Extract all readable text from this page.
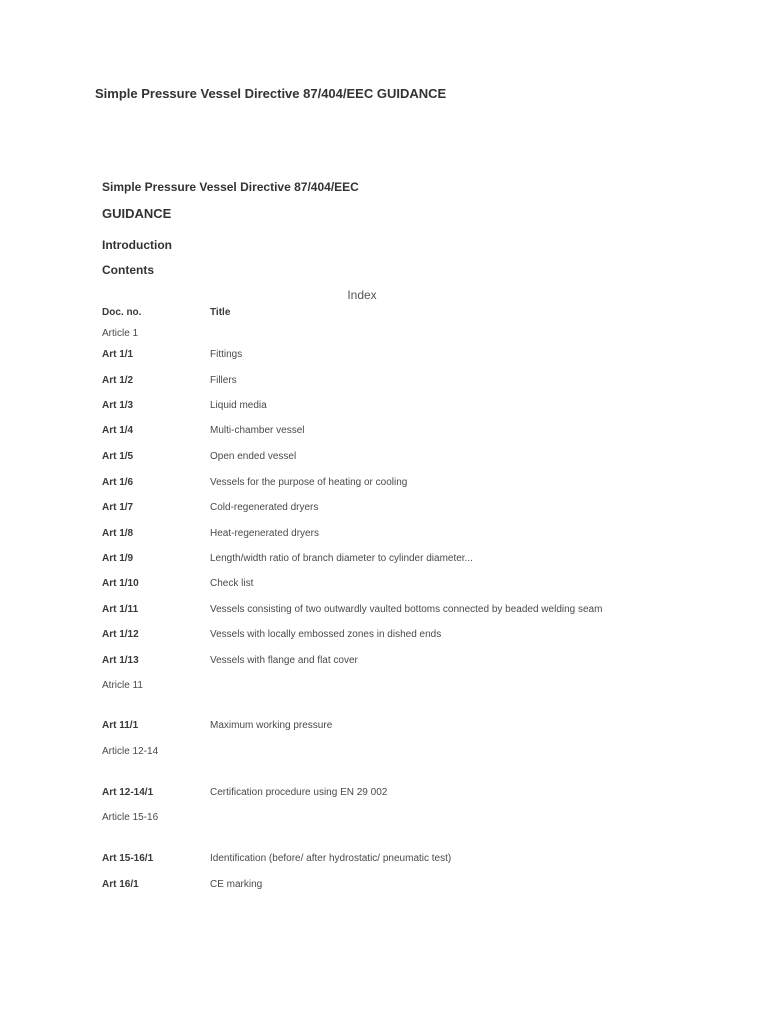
Simple Pressure Vessel Directive 87/404/EEC GUIDANCE
Simple Pressure Vessel Directive 87/404/EEC
GUIDANCE
Introduction
Contents
Index
Doc. no.	Title
Article 1
Art 1/1	Fittings
Art 1/2	Fillers
Art 1/3	Liquid media
Art 1/4	Multi-chamber vessel
Art 1/5	Open ended vessel
Art 1/6	Vessels for the purpose of heating or cooling
Art 1/7	Cold-regenerated dryers
Art 1/8	Heat-regenerated dryers
Art 1/9	Length/width ratio of branch diameter to cylinder diameter...
Art 1/10	Check list
Art 1/11	Vessels consisting of two outwardly vaulted bottoms connected by beaded welding seam
Art 1/12	Vessels with locally embossed zones in dished ends
Art 1/13	Vessels with flange and flat cover
Atricle 11
Art 11/1	Maximum working pressure
Article 12-14
Art 12-14/1	Certification procedure using EN 29 002
Article 15-16
Art 15-16/1	Identification (before/ after hydrostatic/ pneumatic test)
Art 16/1	CE marking
